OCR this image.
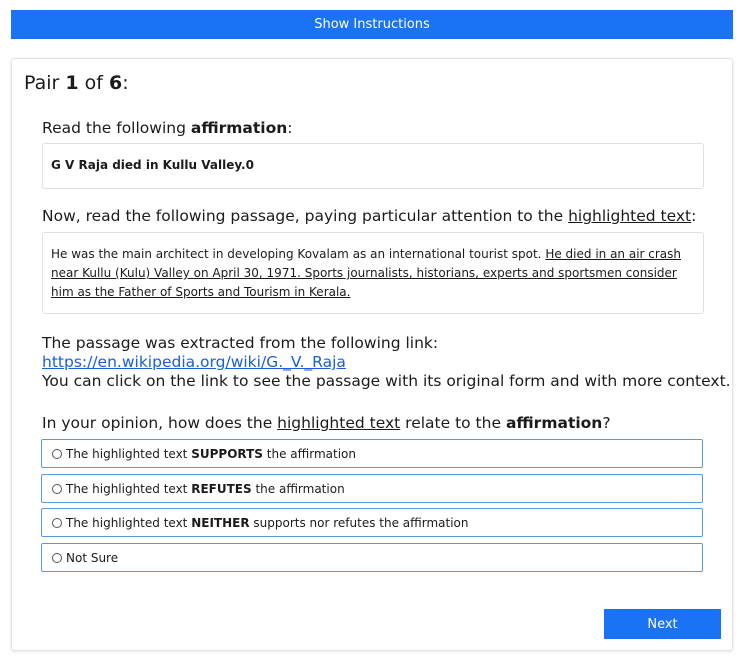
Show Instructions
Pair 1 of 6:
Read the following affirmation:
G V Raja died in Kullu Valley.0
Now, read the following passage, paying particular attention to the highlighted text:
He was the main architect in developing Kovalam as an international tourist spot. He died in an air crash near Kullu (Kulu) Valley on April 30, 1971. Sports journalists, historians, experts and sportsmen consider him as the Father of Sports and Tourism in Kerala.
The passage was extracted from the following link:
https://en.wikipedia.org/wiki/G._V._Raja
You can click on the link to see the passage with its original form and with more context.
In your opinion, how does the highlighted text relate to the affirmation?
The highlighted text
SUPPORTS
the affirmation
The highlighted text
REFUTES
the affirmation
The highlighted text
NEITHER
supports nor refutes the affirmation
Not Sure
Next
